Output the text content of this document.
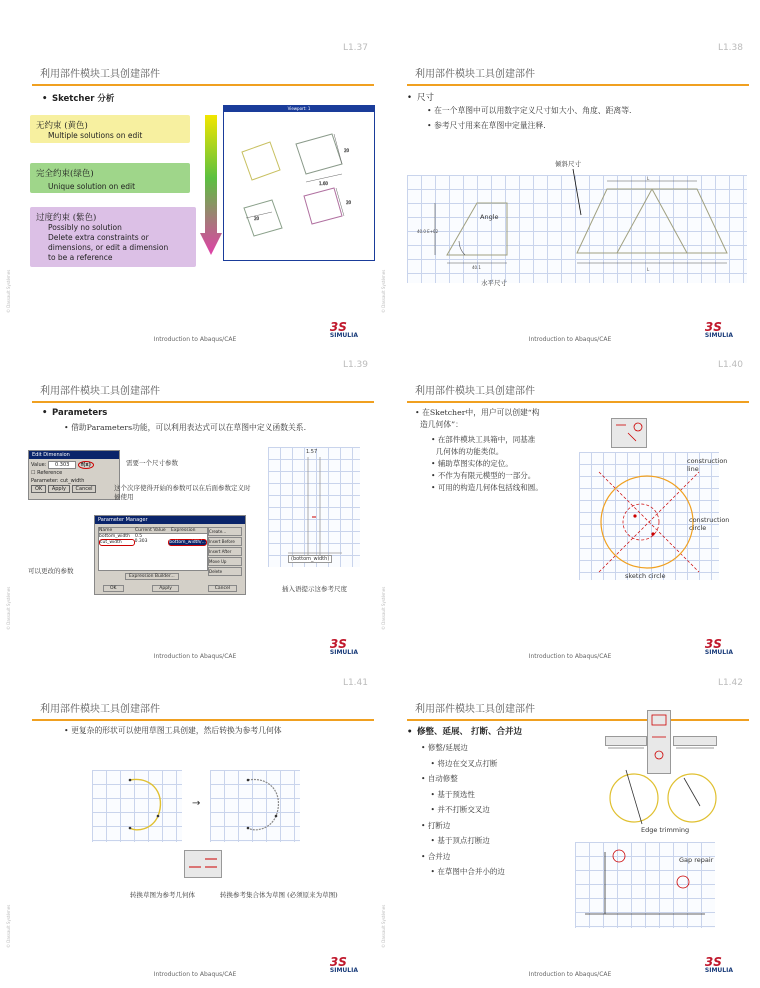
L1.37
利用部件模块工具创建部件
• Sketcher 分析
无约束 (黄色)
Multiple solutions on edit
完全约束(绿色)
Unique solution on edit
过度约束 (紫色)
Possibly no solution
Delete extra constraints or
dimensions, or edit a dimension
to be a reference
Viewport: 1
20
1.60
20
20
© Dassault Systèmes
Introduction to Abaqus/CAE
3S
SIMULIA
L1.38
利用部件模块工具创建部件
• 尺寸
• 在一个草图中可以用数字定义尺寸如大小、角度、距离等.
• 参考尺寸用来在草图中定量注释.
倾斜尺寸
40.0 E+02
40.1
L
L
Angle
水平尺寸
© Dassault Systèmes
Introduction to Abaqus/CAE
3S
SIMULIA
L1.39
利用部件模块工具创建部件
• Parameters
• 借助Parameters功能，可以利用表达式可以在草图中定义函数关系.
Edit Dimension
Value: 0.303 f(x)
☐ Reference
Parameter: cut_width
OK Apply Cancel
需要一个尺寸参数
这个次序使得开始的参数可以在后面参数定义时候使用
Parameter Manager
Name	Current Value	Expression
bottom_width	0.5
cut_width	0.303	bottom_width/...
Create...
Insert Before
Insert After
Move Up
Delete
Expression Builder...
OK	Apply	Cancel
可以更改的参数
1.57
(bottom_width)
插入语提示这参考尺度
© Dassault Systèmes
Introduction to Abaqus/CAE
3S
SIMULIA
L1.40
利用部件模块工具创建部件
• 在Sketcher中，用户可以创建“构
造几何体”：
• 在部件模块工具箱中，同基准
几何体的功能类似。
• 辅助草图实体的定位。
• 不作为有限元模型的一部分。
• 可用的构造几何体包括线和圆。
construction
line
construction
circle
sketch circle
© Dassault Systèmes
Introduction to Abaqus/CAE
3S
SIMULIA
L1.41
利用部件模块工具创建部件
• 更复杂的形状可以使用草图工具创建，然后转换为参考几何体
→
转换草图为参考几何体	转换参考集合体为草图 (必须原来为草图)
© Dassault Systèmes
Introduction to Abaqus/CAE
3S
SIMULIA
L1.42
利用部件模块工具创建部件
• 修整、延展、 打断、合并边
• 修整/延展边
• 将边在交叉点打断
• 自动修整
• 基于预选性
• 并不打断交叉边
• 打断边
• 基于顶点打断边
• 合并边
• 在草图中合并小的边
Edge trimming
Gap repair
© Dassault Systèmes
Introduction to Abaqus/CAE
3S
SIMULIA
